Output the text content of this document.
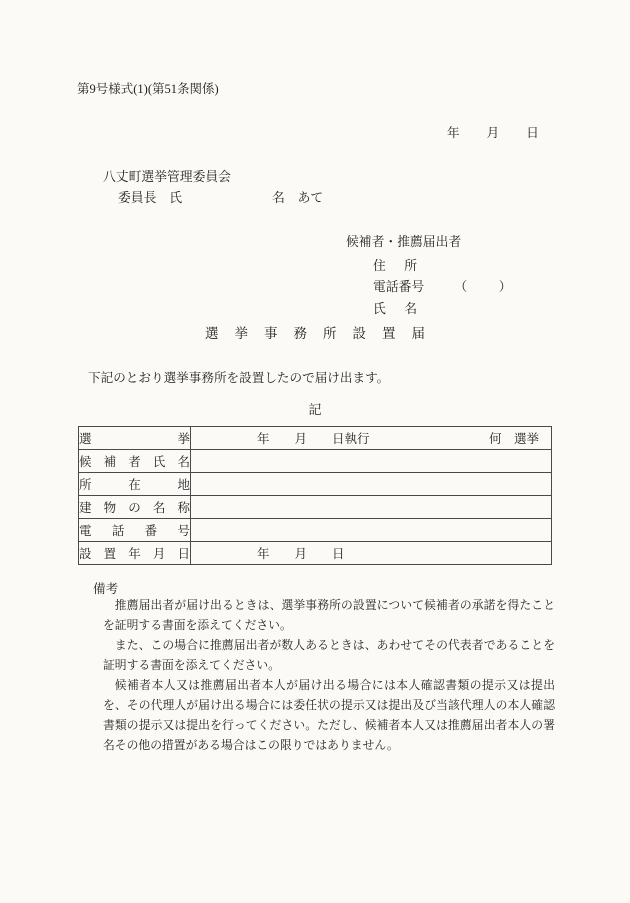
第9号様式(1)(第51条関係)
年 月 日
八丈町選挙管理委員会
委員長　氏	名　あて
候補者・推薦届出者
住所
電話番号 （　　）
氏名
選挙事務所設置届
下記のとおり選挙事務所を設置したので届け出ます。
記
選挙	年　　月　　日執行 何　選挙

候補者氏名	

所在地	

建物の名称	

電話番号	

設置年月日	年　　月　　日
備考

推薦届出者が届け出るときは、選挙事務所の設置について候補者の承諾を得たことを証明する書面を添えてください。

また、この場合に推薦届出者が数人あるときは、あわせてその代表者であることを証明する書面を添えてください。

候補者本人又は推薦届出者本人が届け出る場合には本人確認書類の提示又は提出を、その代理人が届け出る場合には委任状の提示又は提出及び当該代理人の本人確認書類の提示又は提出を行ってください。ただし、候補者本人又は推薦届出者本人の署名その他の措置がある場合はこの限りではありません。
